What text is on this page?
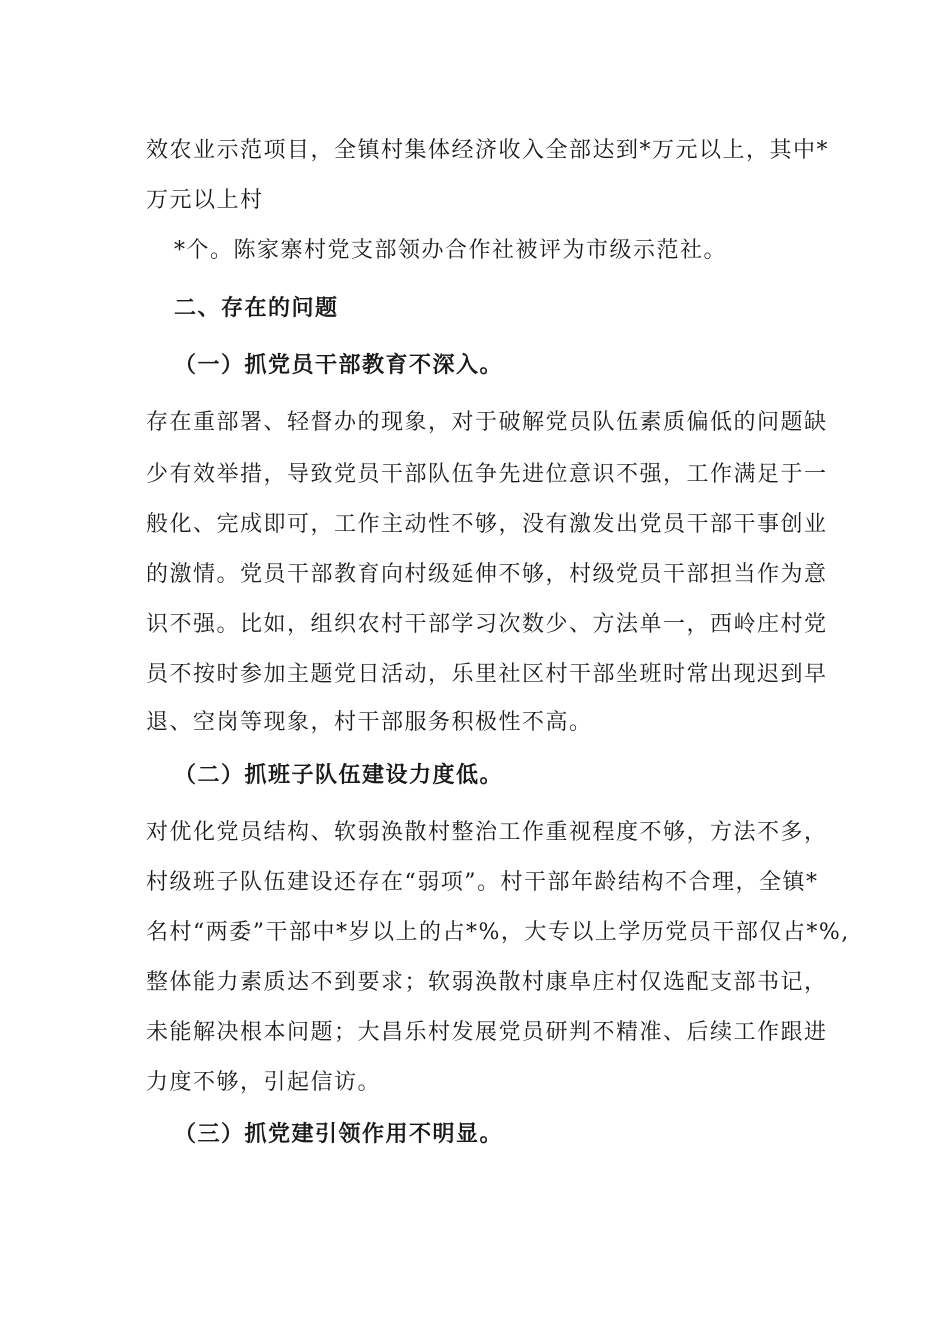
效农业示范项目，全镇村集体经济收入全部达到*万元以上，其中*
万元以上村
*个。陈家寨村党支部领办合作社被评为市级示范社。
二、存在的问题
（一）抓党员干部教育不深入。
存在重部署、轻督办的现象，对于破解党员队伍素质偏低的问题缺
少有效举措，导致党员干部队伍争先进位意识不强，工作满足于一
般化、完成即可，工作主动性不够，没有激发出党员干部干事创业
的激情。党员干部教育向村级延伸不够，村级党员干部担当作为意
识不强。比如，组织农村干部学习次数少、方法单一，西岭庄村党
员不按时参加主题党日活动，乐里社区村干部坐班时常出现迟到早
退、空岗等现象，村干部服务积极性不高。
（二）抓班子队伍建设力度低。
对优化党员结构、软弱涣散村整治工作重视程度不够，方法不多，
村级班子队伍建设还存在“弱项”。村干部年龄结构不合理，全镇*
名村“两委”干部中*岁以上的占*%，大专以上学历党员干部仅占*%,
整体能力素质达不到要求；软弱涣散村康阜庄村仅选配支部书记，
未能解决根本问题；大昌乐村发展党员研判不精准、后续工作跟进
力度不够，引起信访。
（三）抓党建引领作用不明显。
